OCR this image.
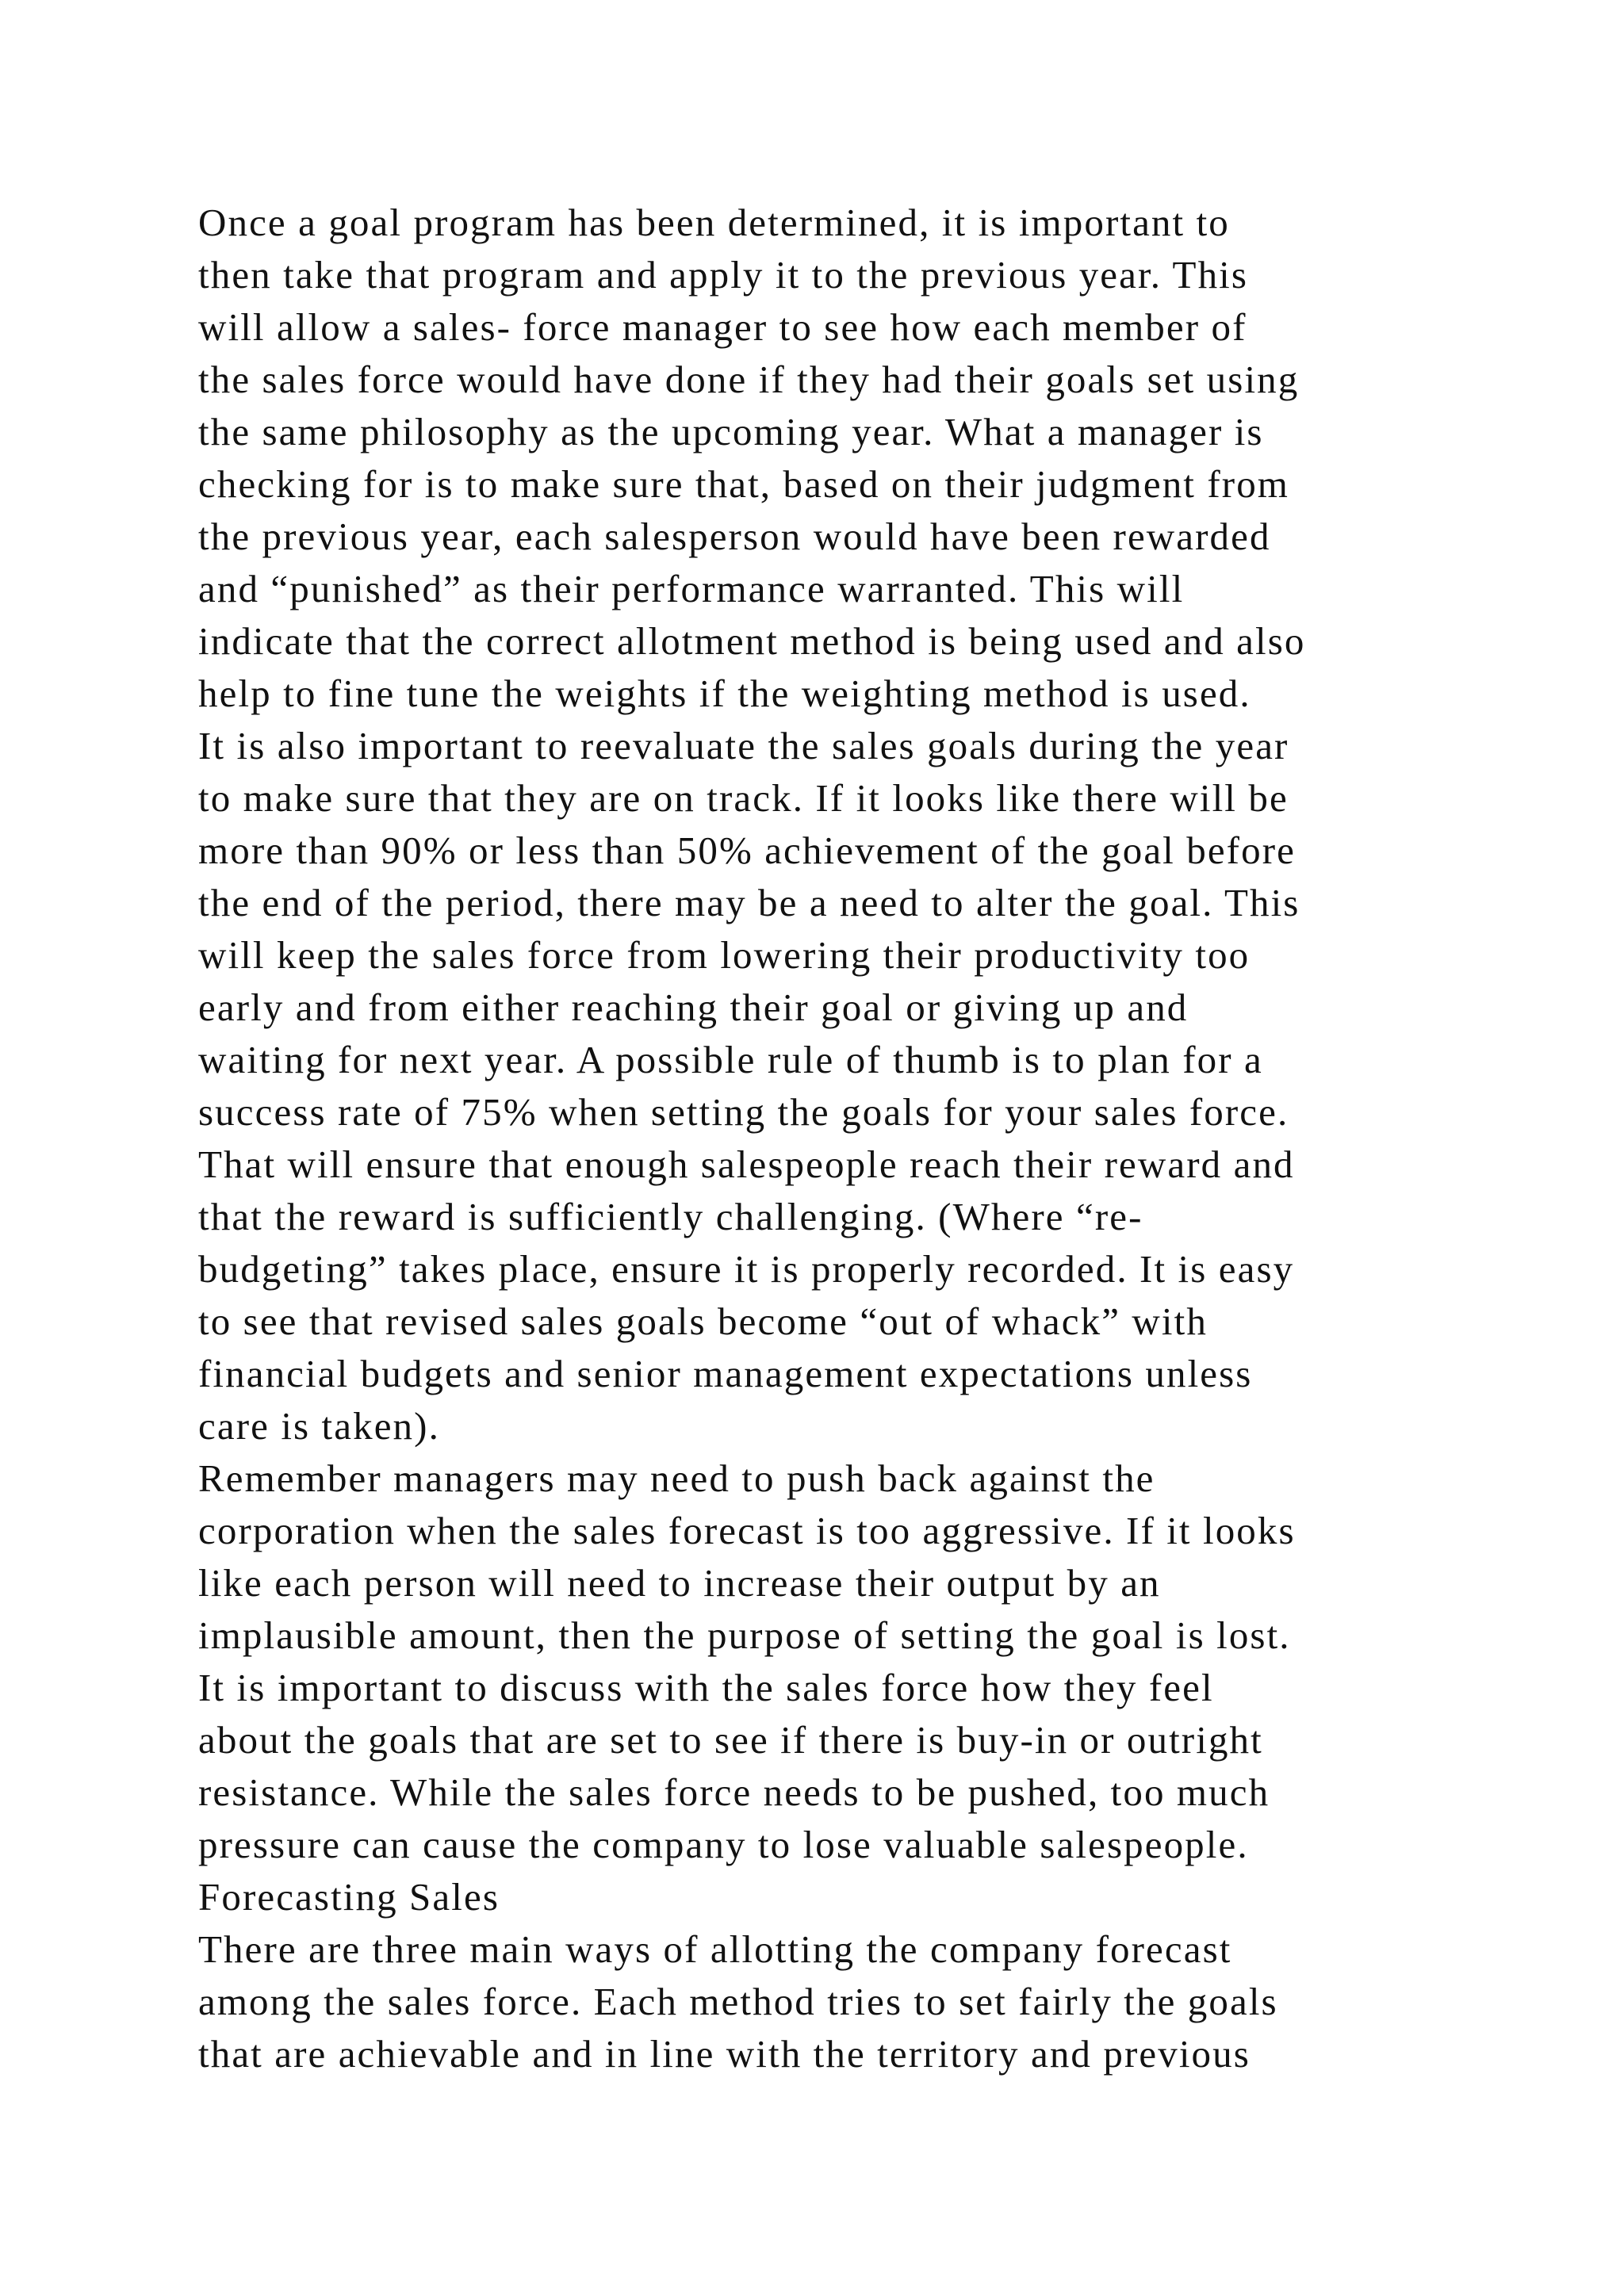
Once a goal program has been determined, it is important to
then take that program and apply it to the previous year. This
will allow a sales- force manager to see how each member of
the sales force would have done if they had their goals set using
the same philosophy as the upcoming year. What a manager is
checking for is to make sure that, based on their judgment from
the previous year, each salesperson would have been rewarded
and “punished” as their performance warranted. This will
indicate that the correct allotment method is being used and also
help to fine tune the weights if the weighting method is used.
It is also important to reevaluate the sales goals during the year
to make sure that they are on track. If it looks like there will be
more than 90% or less than 50% achievement of the goal before
the end of the period, there may be a need to alter the goal. This
will keep the sales force from lowering their productivity too
early and from either reaching their goal or giving up and
waiting for next year. A possible rule of thumb is to plan for a
success rate of 75% when setting the goals for your sales force.
That will ensure that enough salespeople reach their reward and
that the reward is sufficiently challenging. (Where “re-
budgeting” takes place, ensure it is properly recorded. It is easy
to see that revised sales goals become “out of whack” with
financial budgets and senior management expectations unless
care is taken).
Remember managers may need to push back against the
corporation when the sales forecast is too aggressive. If it looks
like each person will need to increase their output by an
implausible amount, then the purpose of setting the goal is lost.
It is important to discuss with the sales force how they feel
about the goals that are set to see if there is buy-in or outright
resistance. While the sales force needs to be pushed, too much
pressure can cause the company to lose valuable salespeople.
Forecasting Sales
There are three main ways of allotting the company forecast
among the sales force. Each method tries to set fairly the goals
that are achievable and in line with the territory and previous
